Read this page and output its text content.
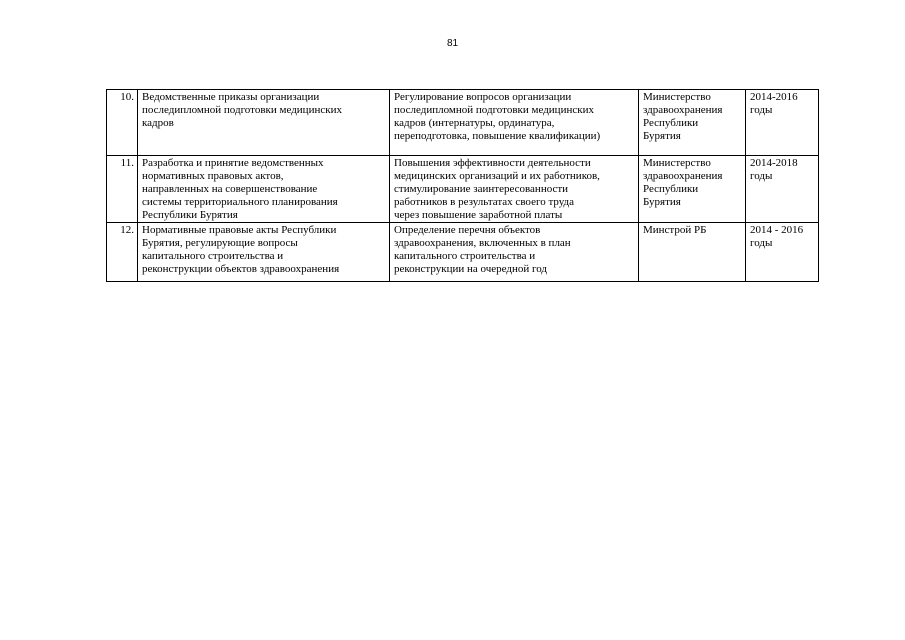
81
10.	Ведомственные приказы организации
последипломной подготовки медицинских
кадров	Регулирование вопросов организации
последипломной подготовки медицинских
кадров (интернатуры, ординатура,
переподготовка, повышение квалификации)	Министерство
здравоохранения
Республики
Бурятия	2014-2016
годы
11.	Разработка и принятие ведомственных
нормативных правовых актов,
направленных на совершенствование
системы территориального планирования
Республики Бурятия	Повышения эффективности деятельности
медицинских организаций и их работников,
стимулирование заинтересованности
работников в результатах своего труда
через повышение заработной платы	Министерство
здравоохранения
Республики
Бурятия	2014-2018
годы
12.	Нормативные правовые акты Республики
Бурятия, регулирующие вопросы
капитального строительства и
реконструкции объектов здравоохранения	Определение перечня объектов
здравоохранения, включенных в план
капитального строительства и
реконструкции на очередной год	Минстрой РБ	2014 - 2016
годы
